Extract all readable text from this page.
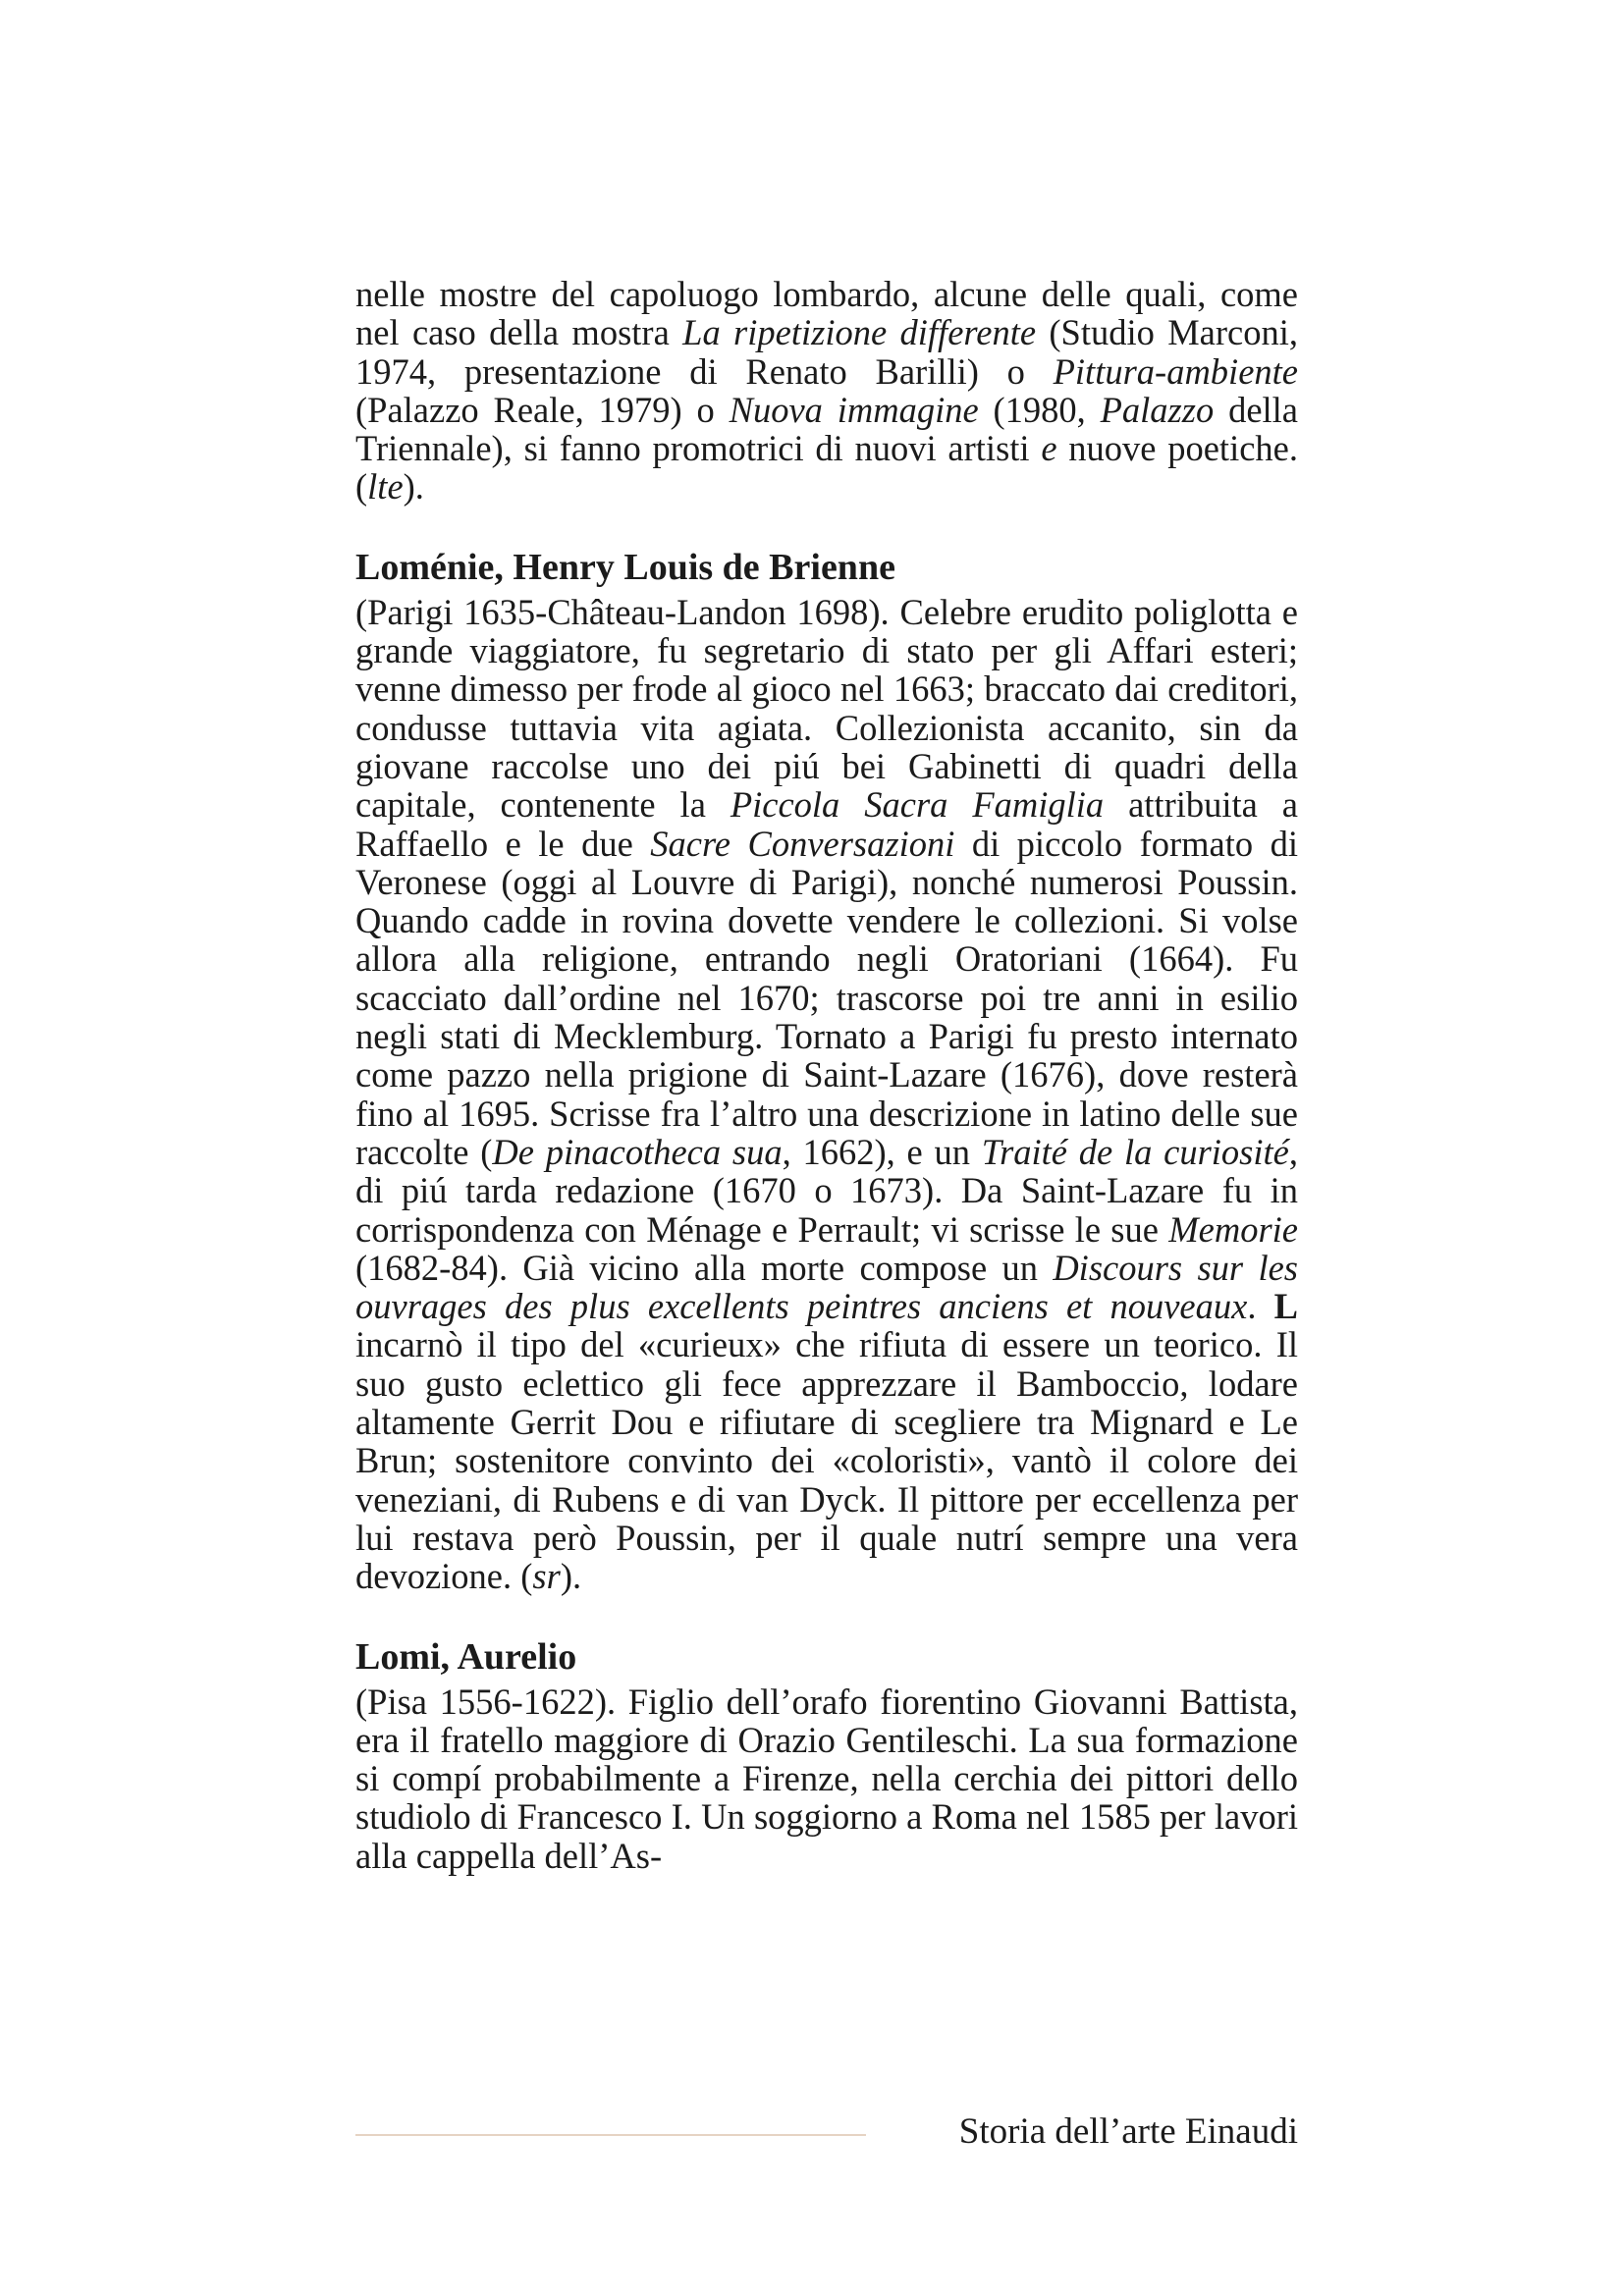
nelle mostre del capoluogo lombardo, alcune delle quali, come nel caso della mostra La ripetizione differente (Studio Marconi, 1974, presentazione di Renato Barilli) o Pittura-ambiente (Palazzo Reale, 1979) o Nuova immagine (1980, Palazzo della Triennale), si fanno promotrici di nuovi artisti e nuove poetiche. (lte).

Loménie, Henry Louis de Brienne

(Parigi 1635-Château-Landon 1698). Celebre erudito poliglotta e grande viaggiatore, fu segretario di stato per gli Affari esteri; venne dimesso per frode al gioco nel 1663; braccato dai creditori, condusse tuttavia vita agiata. Collezionista accanito, sin da giovane raccolse uno dei piú bei Gabinetti di quadri della capitale, contenente la Piccola Sacra Famiglia attribuita a Raffaello e le due Sacre Conversazioni di piccolo formato di Veronese (oggi al Louvre di Parigi), nonché numerosi Poussin. Quando cadde in rovina dovette vendere le collezioni. Si volse allora alla religione, entrando negli Oratoriani (1664). Fu scacciato dall’ordine nel 1670; trascorse poi tre anni in esilio negli stati di Mecklemburg. Tornato a Parigi fu presto internato come pazzo nella prigione di Saint-Lazare (1676), dove resterà fino al 1695. Scrisse fra l’altro una descrizione in latino delle sue raccolte (De pinacotheca sua, 1662), e un Traité de la curiosité, di piú tarda redazione (1670 o 1673). Da Saint-Lazare fu in corrispondenza con Ménage e Perrault; vi scrisse le sue Memorie (1682-84). Già vicino alla morte compose un Discours sur les ouvrages des plus excellents peintres anciens et nouveaux. L incarnò il tipo del «curieux» che rifiuta di essere un teorico. Il suo gusto eclettico gli fece apprezzare il Bamboccio, lodare altamente Gerrit Dou e rifiutare di scegliere tra Mignard e Le Brun; sostenitore convinto dei «coloristi», vantò il colore dei veneziani, di Rubens e di van Dyck. Il pittore per eccellenza per lui restava però Poussin, per il quale nutrí sempre una vera devozione. (sr).

Lomi, Aurelio

(Pisa 1556-1622). Figlio dell’orafo fiorentino Giovanni Battista, era il fratello maggiore di Orazio Gentileschi. La sua formazione si compí probabilmente a Firenze, nella cerchia dei pittori dello studiolo di Francesco I. Un soggiorno a Roma nel 1585 per lavori alla cappella dell’As-

Storia dell’arte Einaudi
